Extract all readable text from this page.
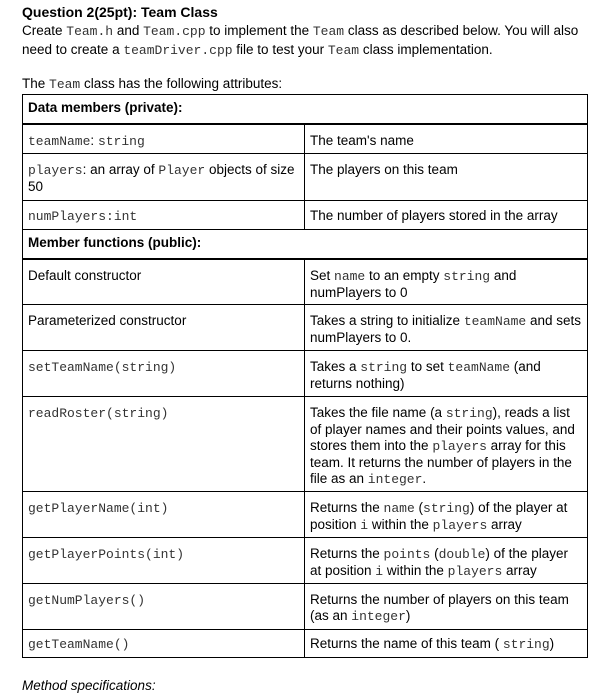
Question 2(25pt): Team Class
Create Team.h and Team.cpp to implement the Team class as described below. You will also need to create a teamDriver.cpp file to test your Team class implementation.
The Team class has the following attributes:
Data members (private):	
teamName: string	The team's name
players: an array of Player objects of size 50	The players on this team
numPlayers:int	The number of players stored in the array
Member functions (public):	
Default constructor	Set name to an empty string and numPlayers to 0
Parameterized constructor	Takes a string to initialize teamName and sets numPlayers to 0.
setTeamName(string)	Takes a string to set teamName (and returns nothing)
readRoster(string)	Takes the file name (a string), reads a list of player names and their points values, and stores them into the players array for this team. It returns the number of players in the file as an integer.
getPlayerName(int)	Returns the name (string) of the player at position i within the players array
getPlayerPoints(int)	Returns the points (double) of the player at position i within the players array
getNumPlayers()	Returns the number of players on this team (as an integer)
getTeamName()	Returns the name of this team ( string)
Method specifications:
